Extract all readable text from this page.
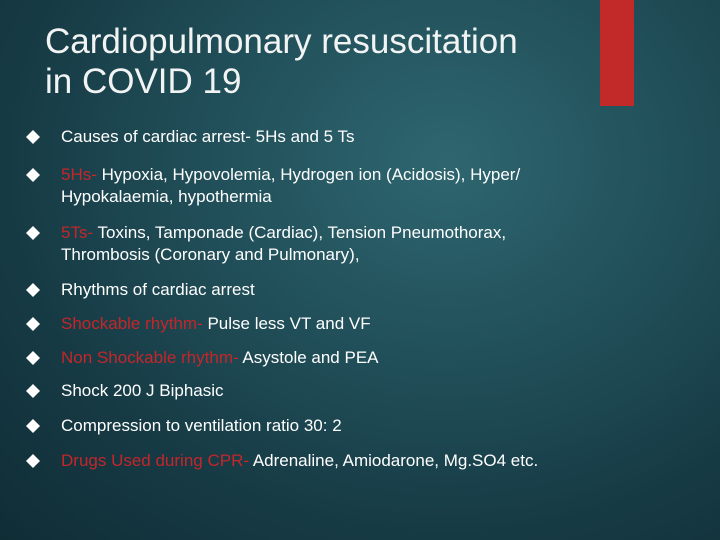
Cardiopulmonary resuscitation
in COVID 19
Causes of cardiac arrest- 5Hs and 5 Ts
5Hs- Hypoxia, Hypovolemia, Hydrogen ion (Acidosis), Hyper/
Hypokalaemia, hypothermia
5Ts- Toxins, Tamponade (Cardiac), Tension Pneumothorax,
Thrombosis (Coronary and Pulmonary),
Rhythms of cardiac arrest
Shockable rhythm- Pulse less VT and VF
Non Shockable rhythm- Asystole and PEA
Shock 200 J Biphasic
Compression to ventilation ratio 30: 2
Drugs Used during CPR- Adrenaline, Amiodarone, Mg.SO4 etc.
